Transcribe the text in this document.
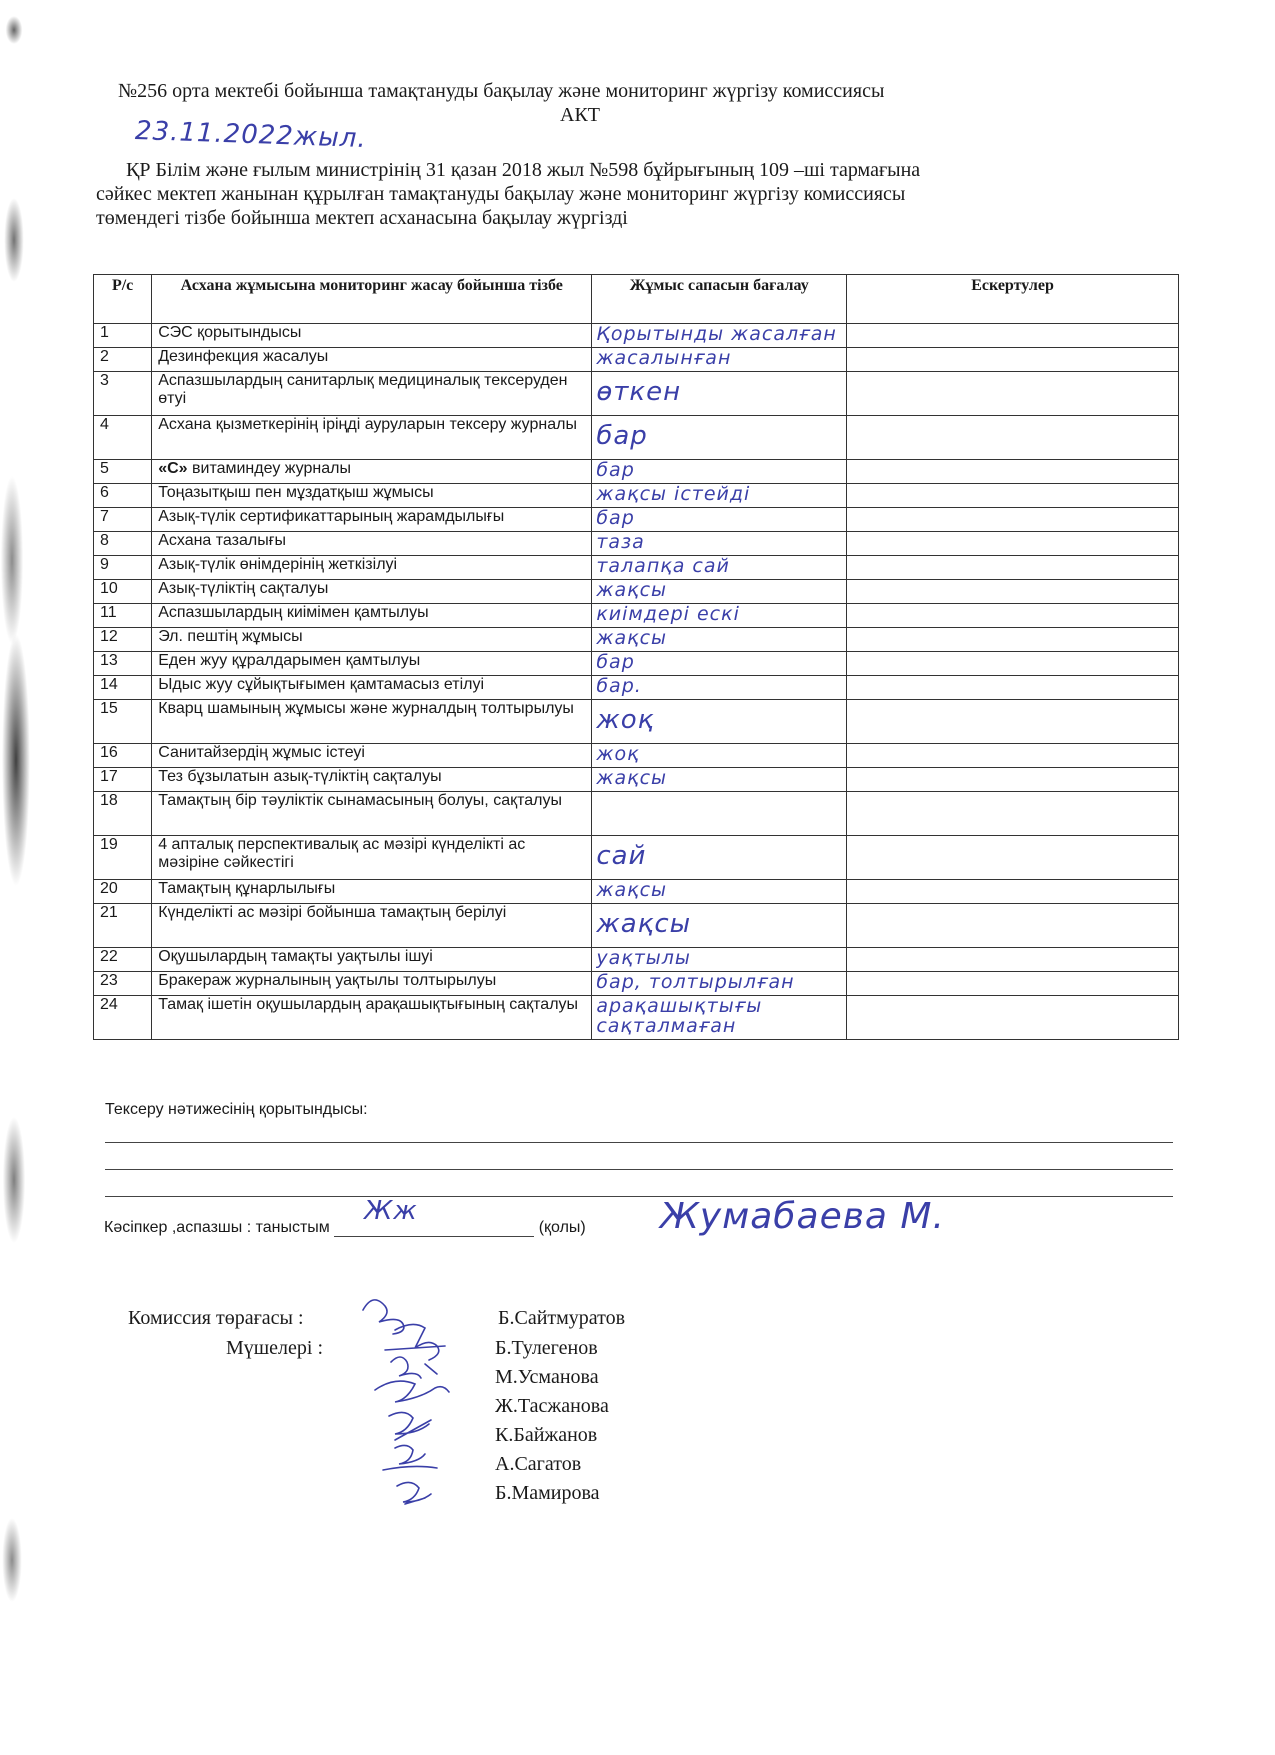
№256 орта мектебі бойынша тамақтануды бақылау және мониторинг жүргізу комиссиясы
АКТ
23.11.2022жыл.

ҚР Білім және ғылым министрінің 31 қазан 2018 жыл №598 бұйрығының 109 –шi тармағына

сәйкес мектеп жанынан құрылған тамақтануды бақылау және мониторинг жүргізу комиссиясы

төмендегі тізбе бойынша мектеп асханасына бақылау жүргізді

Р/с	Асхана жұмысына мониторинг жасау бойынша тізбе	Жұмыс сапасын бағалау	Ескертулер
1	СЭС қорытындысы	Қорытынды жасалған	

2	Дезинфекция жасалуы	жасалынған	

3	Аспазшылардың санитарлық медициналық тексеруден өтуі	өткен	

4	Асхана қызметкерінің іріңді ауруларын тексеру журналы	бар	

5	«С» витаминдеу журналы	бар	

6	Тоңазытқыш пен мұздатқыш жұмысы	жақсы істейді	

7	Азық-түлік сертификаттарының жарамдылығы	бар	

8	Асхана тазалығы	таза	

9	Азық-түлік өнімдерінің жеткізілуі	талапқа сай	

10	Азық-түліктің сақталуы	жақсы	

11	Аспазшылардың киімімен қамтылуы	киімдері ескі	

12	Эл. пештің жұмысы	жақсы	

13	Еден жуу құралдарымен қамтылуы	бар	

14	Ыдыс жуу сұйықтығымен қамтамасыз етілуі	бар.	

15	Кварц шамының жұмысы және журналдың толтырылуы	жоқ	

16	Санитайзердің жұмыс істеуі	жоқ	

17	Тез бұзылатын азық-түліктің сақталуы	жақсы	

18	Тамақтың бір тәуліктік сынамасының болуы, сақталуы	

19	4 апталық перспективалық ас мәзірі күнделікті ас мәзіріне сәйкестігі	сай	

20	Тамақтың құнарлылығы	жақсы	

21	Күнделікті ас мәзірі бойынша тамақтың берілуі	жақсы	

22	Оқушылардың тамақты уақтылы ішуі	уақтылы	

23	Бракераж журналының уақтылы толтырылуы	бар, толтырылған	

24	Тамақ ішетін оқушылардың арақашықтығының сақталуы	арақашықтығы сақталмаған	

Тексеру нәтижесінің қорытындысы:
Кәсіпкер ,аспазшы : таныстым
Жж
(қолы) Жумабаева М.
Комиссия төрағасы :
Мүшелері :
Б.Сайтмуратов
Б.Тулегенов
М.Усманова
Ж.Тасжанова
К.Байжанов
А.Сагатов
Б.Мамирова
